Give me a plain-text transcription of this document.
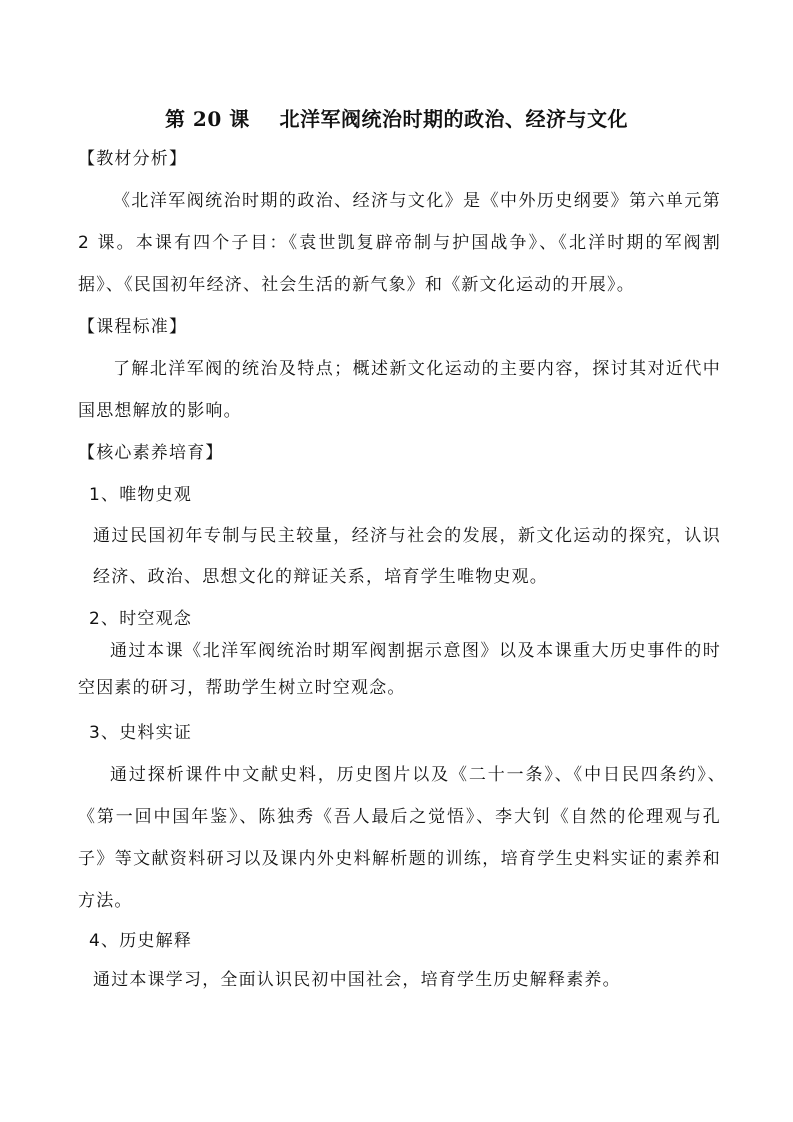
第 20 课    北洋军阀统治时期的政治、经济与文化
【教材分析】
《北洋军阀统治时期的政治、经济与文化》是《中外历史纲要》第六单元第
2 课。本课有四个子目：《袁世凯复辟帝制与护国战争》、《北洋时期的军阀割
据》、《民国初年经济、社会生活的新气象》和《新文化运动的开展》。
【课程标准】
了解北洋军阀的统治及特点；概述新文化运动的主要内容，探讨其对近代中
国思想解放的影响。
【核心素养培育】
1、唯物史观
通过民国初年专制与民主较量，经济与社会的发展，新文化运动的探究，认识
经济、政治、思想文化的辩证关系，培育学生唯物史观。
2、时空观念
通过本课《北洋军阀统治时期军阀割据示意图》以及本课重大历史事件的时
空因素的研习，帮助学生树立时空观念。
3、史料实证
通过探析课件中文献史料，历史图片以及《二十一条》、《中日民四条约》、
《第一回中国年鉴》、陈独秀《吾人最后之觉悟》、李大钊《自然的伦理观与孔
子》等文献资料研习以及课内外史料解析题的训练，培育学生史料实证的素养和
方法。
4、历史解释
通过本课学习，全面认识民初中国社会，培育学生历史解释素养。
